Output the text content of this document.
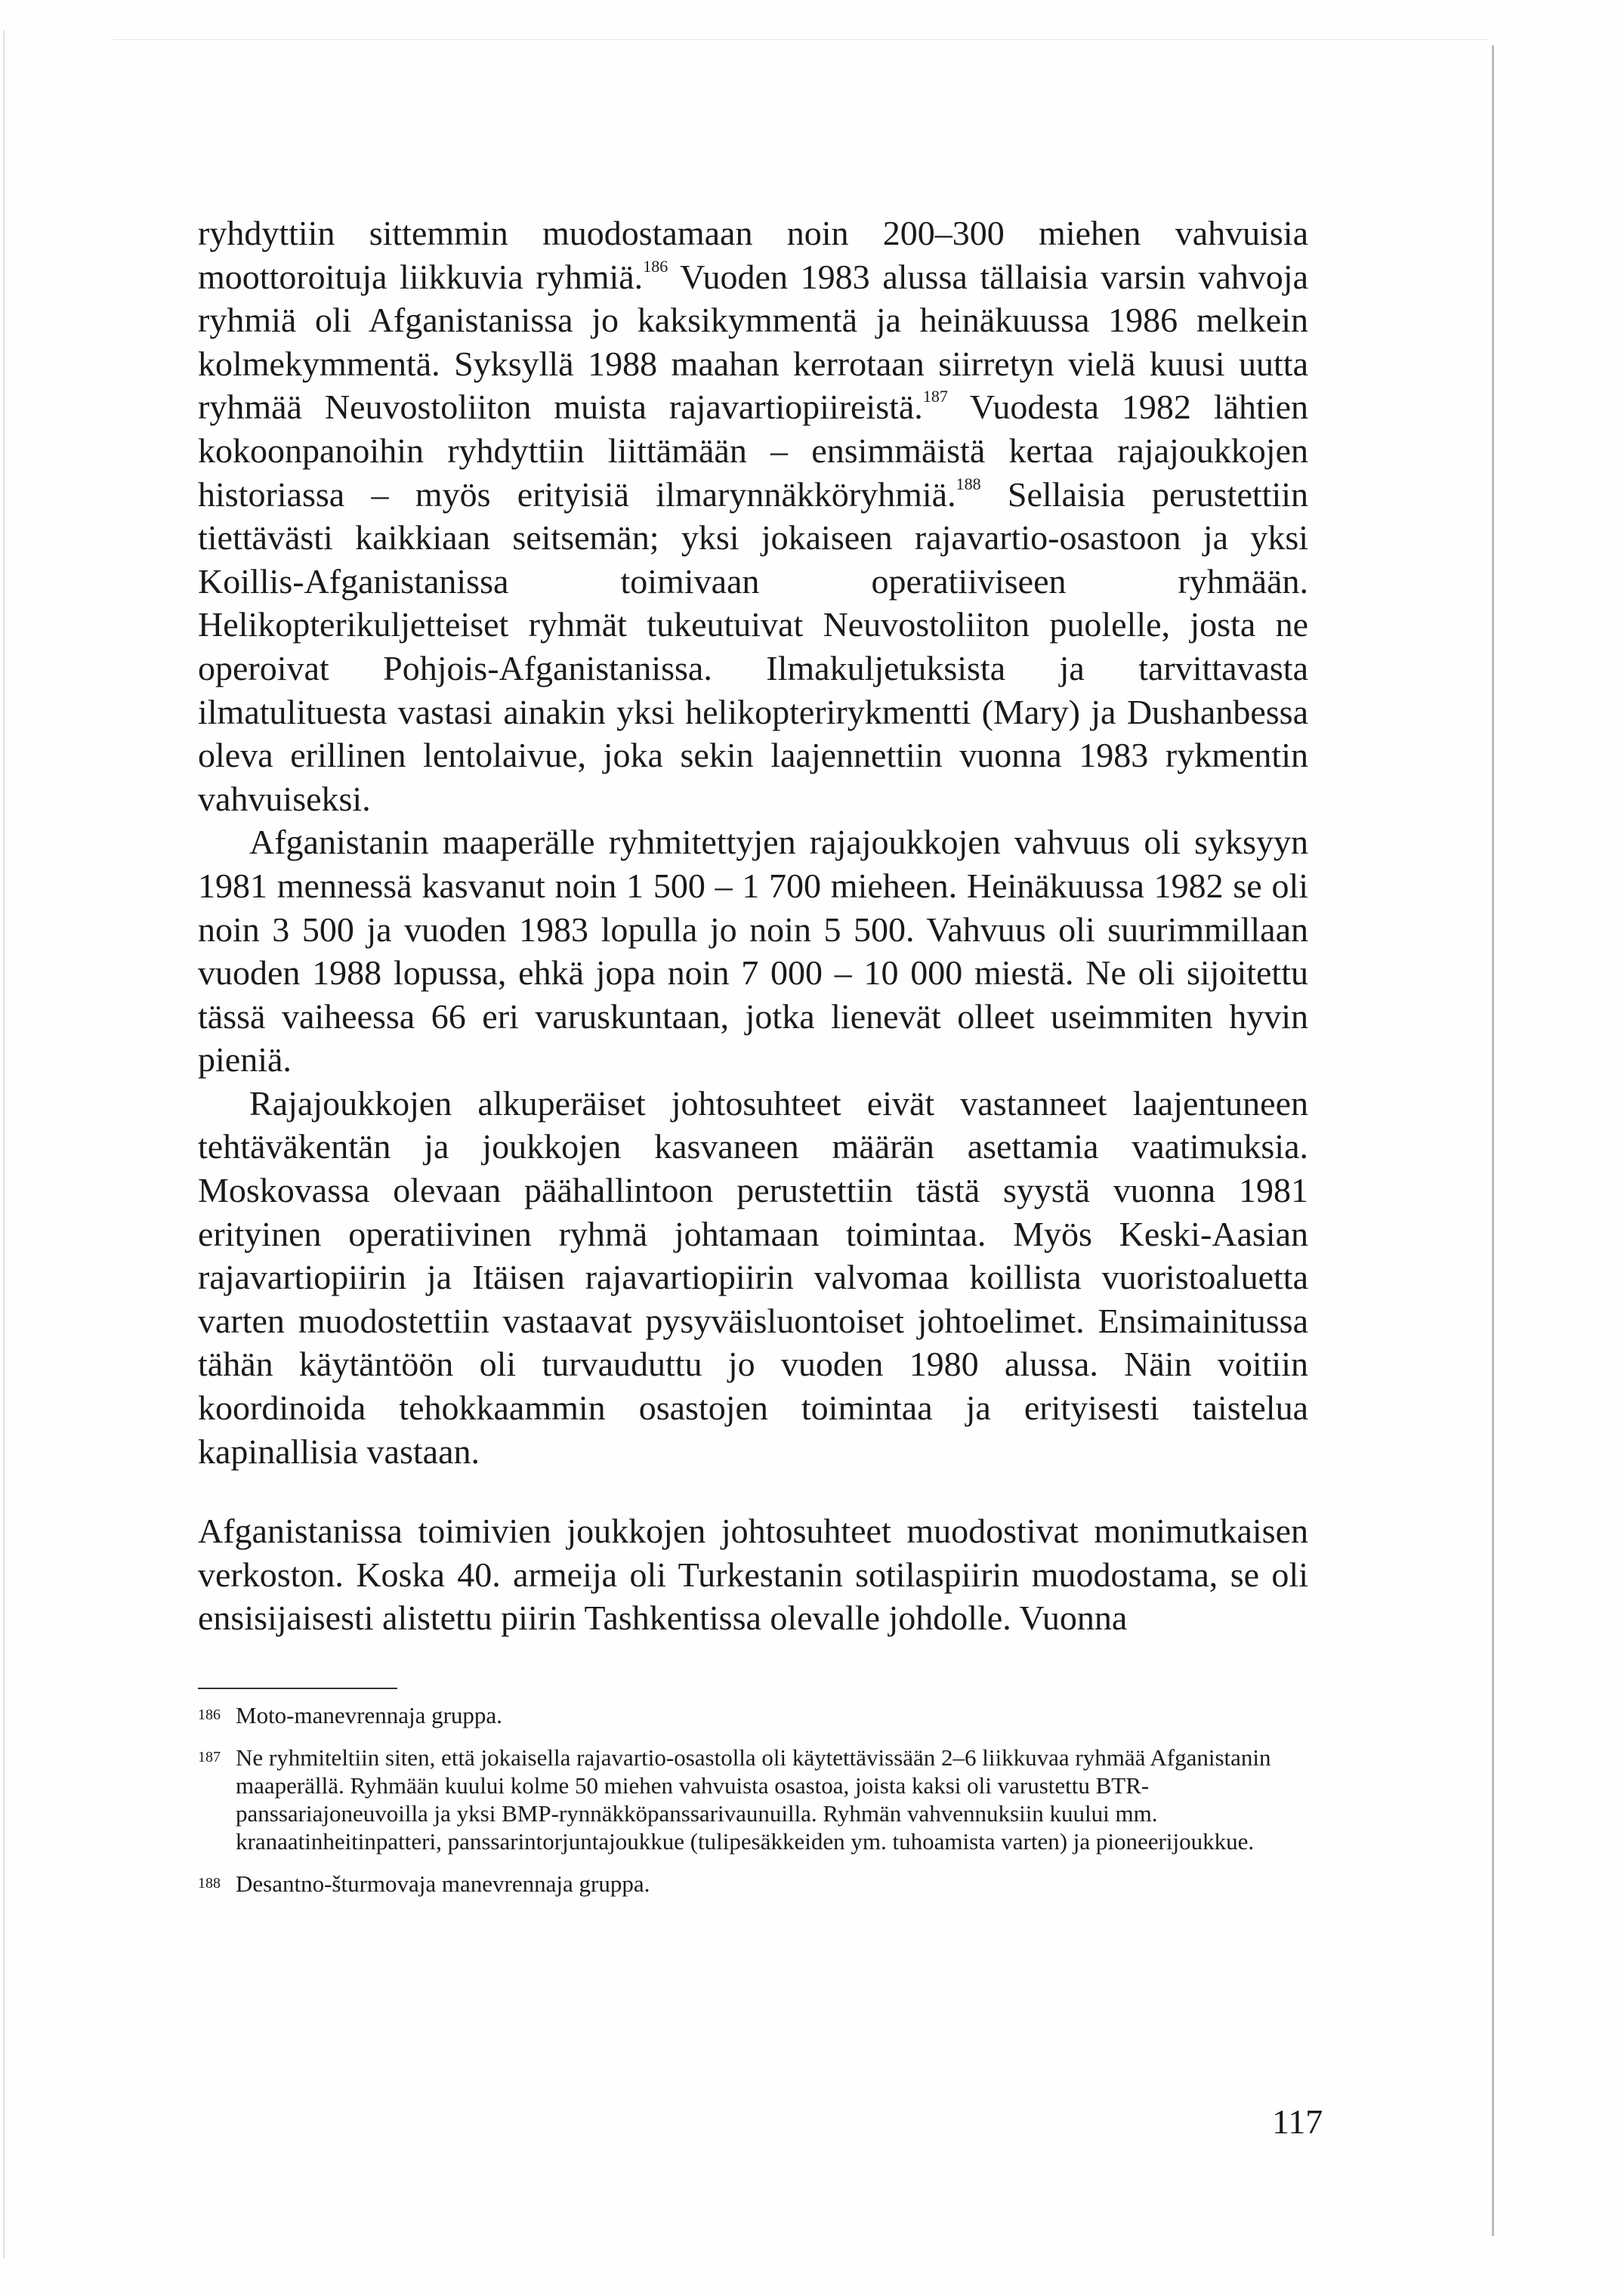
ryhdyttiin sittemmin muodostamaan noin 200–300 miehen vahvuisia moottoroituja liikkuvia ryhmiä.$^{186}$ Vuoden 1983 alussa tällaisia varsin vahvoja ryhmiä oli Afganistanissa jo kaksikymmentä ja heinäkuussa 1986 melkein kolmekymmentä. Syksyllä 1988 maahan kerrotaan siirretyn vielä kuusi uutta ryhmää Neuvostoliiton muista rajavartiopiireistä.$^{187}$ Vuodesta 1982 lähtien kokoonpanoihin ryhdyttiin liittämään – ensimmäistä kertaa rajajoukkojen historiassa – myös erityisiä ilmarynnäkköryhmiä.$^{188}$ Sellaisia perustettiin tiettävästi kaikkiaan seitsemän; yksi jokaiseen rajavartio-osastoon ja yksi Koillis-Afganistanissa toimivaan operatiiviseen ryhmään. Helikopterikuljetteiset ryhmät tukeutuivat Neuvostoliiton puolelle, josta ne operoivat Pohjois-Afganistanissa. Ilmakuljetuksista ja tarvittavasta ilmatulituesta vastasi ainakin yksi helikopterirykmentti (Mary) ja Dushanbessa oleva erillinen lentolaivue, joka sekin laajennettiin vuonna 1983 rykmentin vahvuiseksi.

Afganistanin maaperälle ryhmitettyjen rajajoukkojen vahvuus oli syksyyn 1981 mennessä kasvanut noin 1 500 – 1 700 mieheen. Heinäkuussa 1982 se oli noin 3 500 ja vuoden 1983 lopulla jo noin 5 500. Vahvuus oli suurimmillaan vuoden 1988 lopussa, ehkä jopa noin 7 000 – 10 000 miestä. Ne oli sijoitettu tässä vaiheessa 66 eri varuskuntaan, jotka lienevät olleet useimmiten hyvin pieniä.

Rajajoukkojen alkuperäiset johtosuhteet eivät vastanneet laajentuneen tehtäväkentän ja joukkojen kasvaneen määrän asettamia vaatimuksia. Moskovassa olevaan päähallintoon perustettiin tästä syystä vuonna 1981 erityinen operatiivinen ryhmä johtamaan toimintaa. Myös Keski-Aasian rajavartiopiirin ja Itäisen rajavartiopiirin valvomaa koillista vuoristoaluetta varten muodostettiin vastaavat pysyväisluontoiset johtoelimet. Ensimainitussa tähän käytäntöön oli turvauduttu jo vuoden 1980 alussa. Näin voitiin koordinoida tehokkaammin osastojen toimintaa ja erityisesti taistelua kapinallisia vastaan.

Afganistanissa toimivien joukkojen johtosuhteet muodostivat monimutkaisen verkoston. Koska 40. armeija oli Turkestanin sotilaspiirin muodostama, se oli ensisijaisesti alistettu piirin Tashkentissa olevalle johdolle. Vuonna

186 Moto-manevrennaja gruppa.
187 Ne ryhmiteltiin siten, että jokaisella rajavartio-osastolla oli käytettävissään 2–6 liikkuvaa ryhmää Afganistanin maaperällä. Ryhmään kuului kolme 50 miehen vahvuista osastoa, joista kaksi oli varustettu BTR- panssariajoneuvoilla ja yksi BMP-rynnäkköpanssarivaunuilla. Ryhmän vahvennuksiin kuului mm. kranaatinheitinpatteri, panssarintorjuntajoukkue (tulipesäkkeiden ym. tuhoamista varten) ja pioneerijoukkue.
188 Desantno-šturmovaja manevrennaja gruppa.
117
